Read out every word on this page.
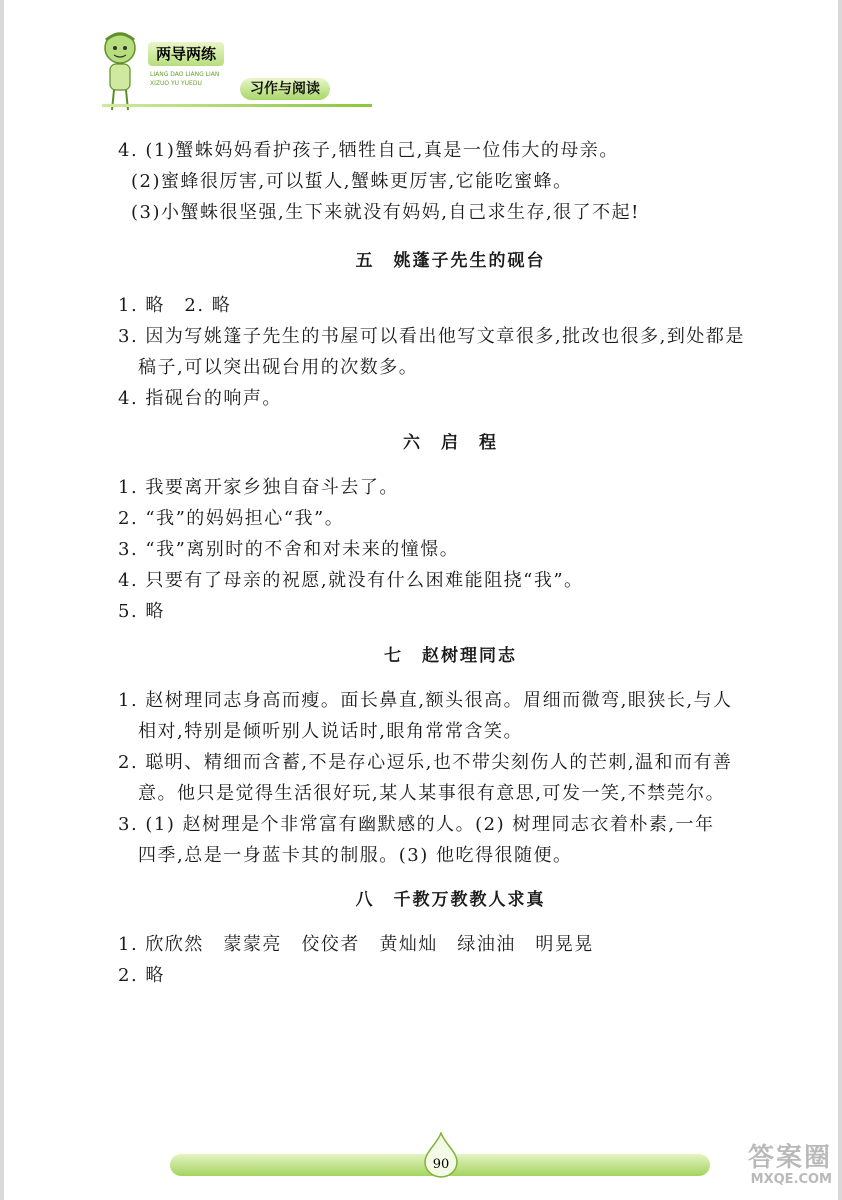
两导两练
LIANG DAO LIANG LIAN
XIZUO YU YUEDU	习作与阅读
4. (1)蟹蛛妈妈看护孩子,牺牲自己,真是一位伟大的母亲。
(2)蜜蜂很厉害,可以蜇人,蟹蛛更厉害,它能吃蜜蜂。
(3)小蟹蛛很坚强,生下来就没有妈妈,自己求生存,很了不起!
五　姚蓬子先生的砚台
1. 略　2. 略
3. 因为写姚篷子先生的书屋可以看出他写文章很多,批改也很多,到处都是
稿子,可以突出砚台用的次数多。
4. 指砚台的响声。
六　启　程
1. 我要离开家乡独自奋斗去了。
2. “我”的妈妈担心“我”。
3. “我”离别时的不舍和对未来的憧憬。
4. 只要有了母亲的祝愿,就没有什么困难能阻挠“我”。
5. 略
七　赵树理同志
1. 赵树理同志身高而瘦。面长鼻直,额头很高。眉细而微弯,眼狭长,与人
相对,特别是倾听别人说话时,眼角常常含笑。
2. 聪明、精细而含蓄,不是存心逗乐,也不带尖刻伤人的芒刺,温和而有善
意。他只是觉得生活很好玩,某人某事很有意思,可发一笑,不禁莞尔。
3. (1) 赵树理是个非常富有幽默感的人。(2) 树理同志衣着朴素,一年
四季,总是一身蓝卡其的制服。(3) 他吃得很随便。
八　千教万教教人求真
1. 欣欣然　蒙蒙亮　佼佼者　黄灿灿　绿油油　明晃晃
2. 略
90	答案圈
MXQE.COM
